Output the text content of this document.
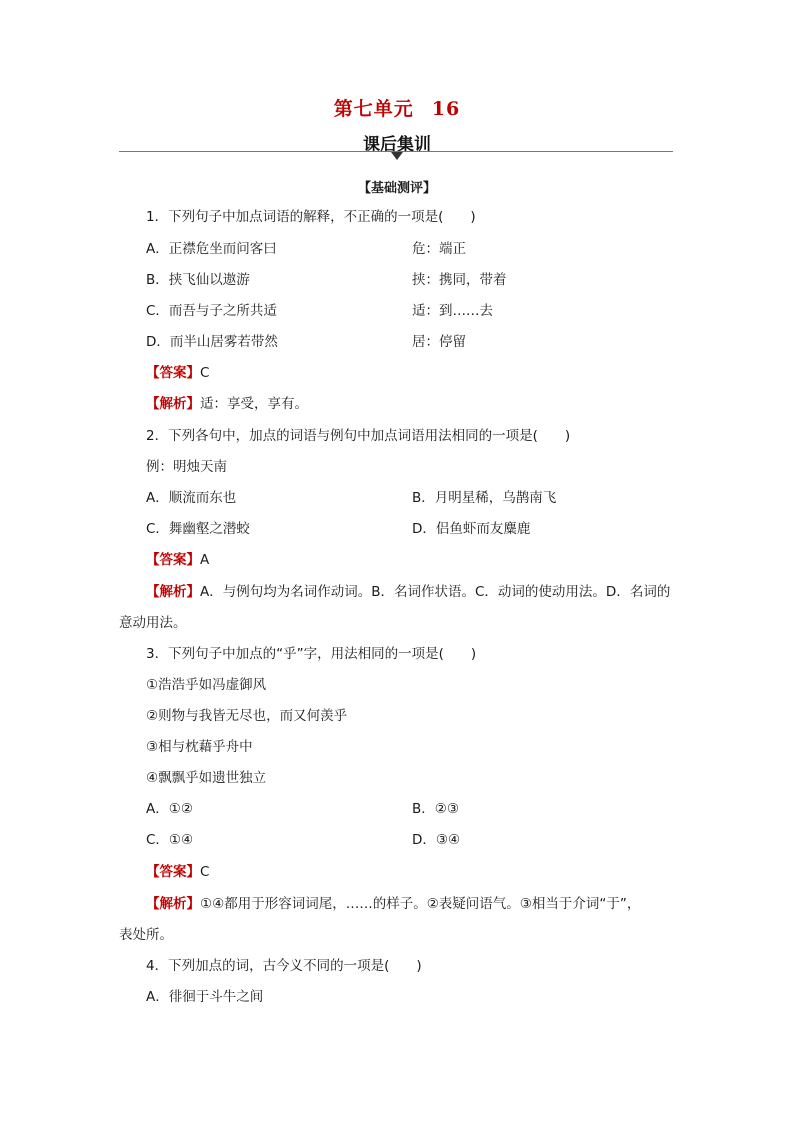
第七单元 16
课后集训
【基础测评】
1．下列句子中加点词语的解释，不正确的一项是(　　)
A．正襟危坐而问客曰	危：端正
B．挟飞仙以遨游	挟：携同，带着
C．而吾与子之所共适	适：到……去
D．而半山居雾若带然	居：停留
【答案】C
【解析】适：享受，享有。
2．下列各句中，加点的词语与例句中加点词语用法相同的一项是(　　)
例：明烛天南
A．顺流而东也	B．月明星稀，乌鹊南飞
C．舞幽壑之潜蛟	D．侣鱼虾而友麋鹿
【答案】A
【解析】A．与例句均为名词作动词。B．名词作状语。C．动词的使动用法。D．名词的
意动用法。
3．下列句子中加点的“乎”字，用法相同的一项是(　　)
①浩浩乎如冯虚御风
②则物与我皆无尽也，而又何羡乎
③相与枕藉乎舟中
④飘飘乎如遗世独立
A．①②	B．②③
C．①④	D．③④
【答案】C
【解析】①④都用于形容词词尾，……的样子。②表疑问语气。③相当于介词“于”，
表处所。
4．下列加点的词，古今义不同的一项是(　　)
A．徘徊于斗牛之间
